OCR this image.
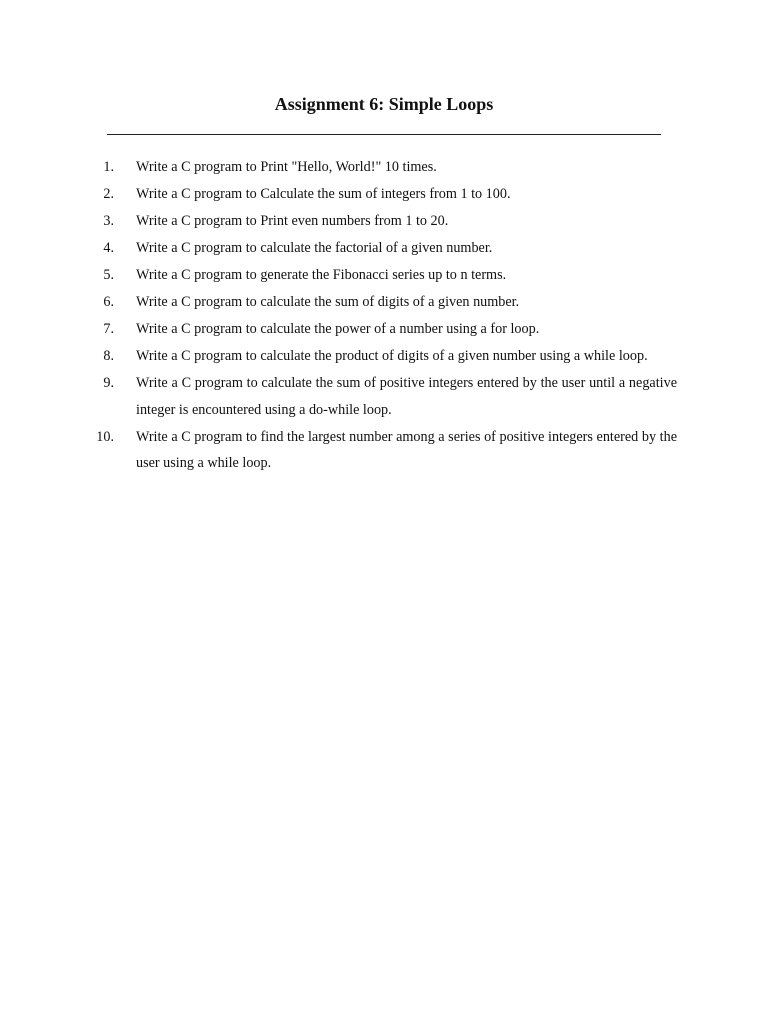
Assignment 6: Simple Loops
1. Write a C program to Print "Hello, World!" 10 times.
2. Write a C program to Calculate the sum of integers from 1 to 100.
3. Write a C program to Print even numbers from 1 to 20.
4. Write a C program to calculate the factorial of a given number.
5. Write a C program to generate the Fibonacci series up to n terms.
6. Write a C program to calculate the sum of digits of a given number.
7. Write a C program to calculate the power of a number using a for loop.
8. Write a C program to calculate the product of digits of a given number using a while loop.
9. Write a C program to calculate the sum of positive integers entered by the user until a negative integer is encountered using a do-while loop.
10. Write a C program to find the largest number among a series of positive integers entered by the user using a while loop.
